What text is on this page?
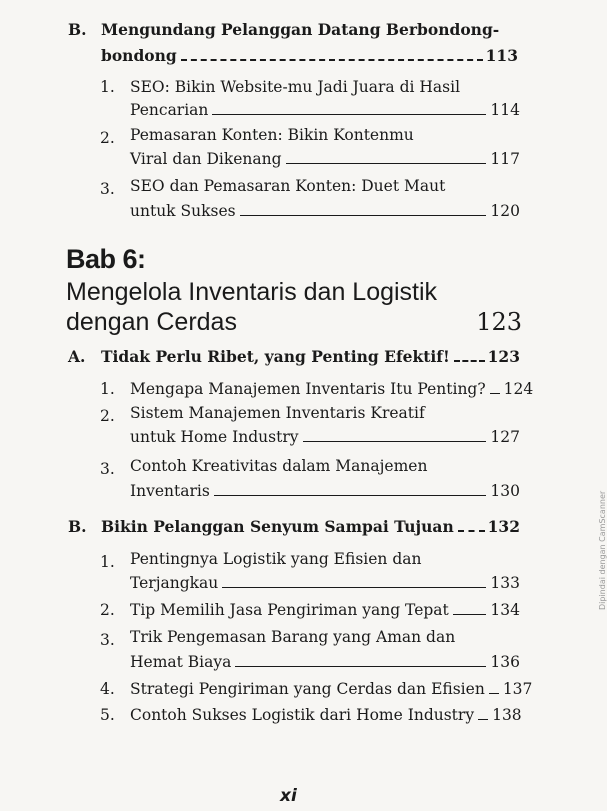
B. Mengundang Pelanggan Datang Berbondong-
bondong	113
1. SEO: Bikin Website-mu Jadi Juara di Hasil
Pencarian	114
2. Pemasaran Konten: Bikin Kontenmu
Viral dan Dikenang	117
3. SEO dan Pemasaran Konten: Duet Maut
untuk Sukses	120
Bab 6:
Mengelola Inventaris dan Logistik
dengan Cerdas	123
A. Tidak Perlu Ribet, yang Penting Efektif! 123
1. Mengapa Manajemen Inventaris Itu Penting? 124
2. Sistem Manajemen Inventaris Kreatif
untuk Home Industry	127
3. Contoh Kreativitas dalam Manajemen
Inventaris	130
B. Bikin Pelanggan Senyum Sampai Tujuan 132
1. Pentingnya Logistik yang Efisien dan
Terjangkau	133
2. Tip Memilih Jasa Pengiriman yang Tepat	134
3. Trik Pengemasan Barang yang Aman dan
Hemat Biaya	136
4. Strategi Pengiriman yang Cerdas dan Efisien 137
5. Contoh Sukses Logistik dari Home Industry 138
xi
Dipindai dengan CamScanner
